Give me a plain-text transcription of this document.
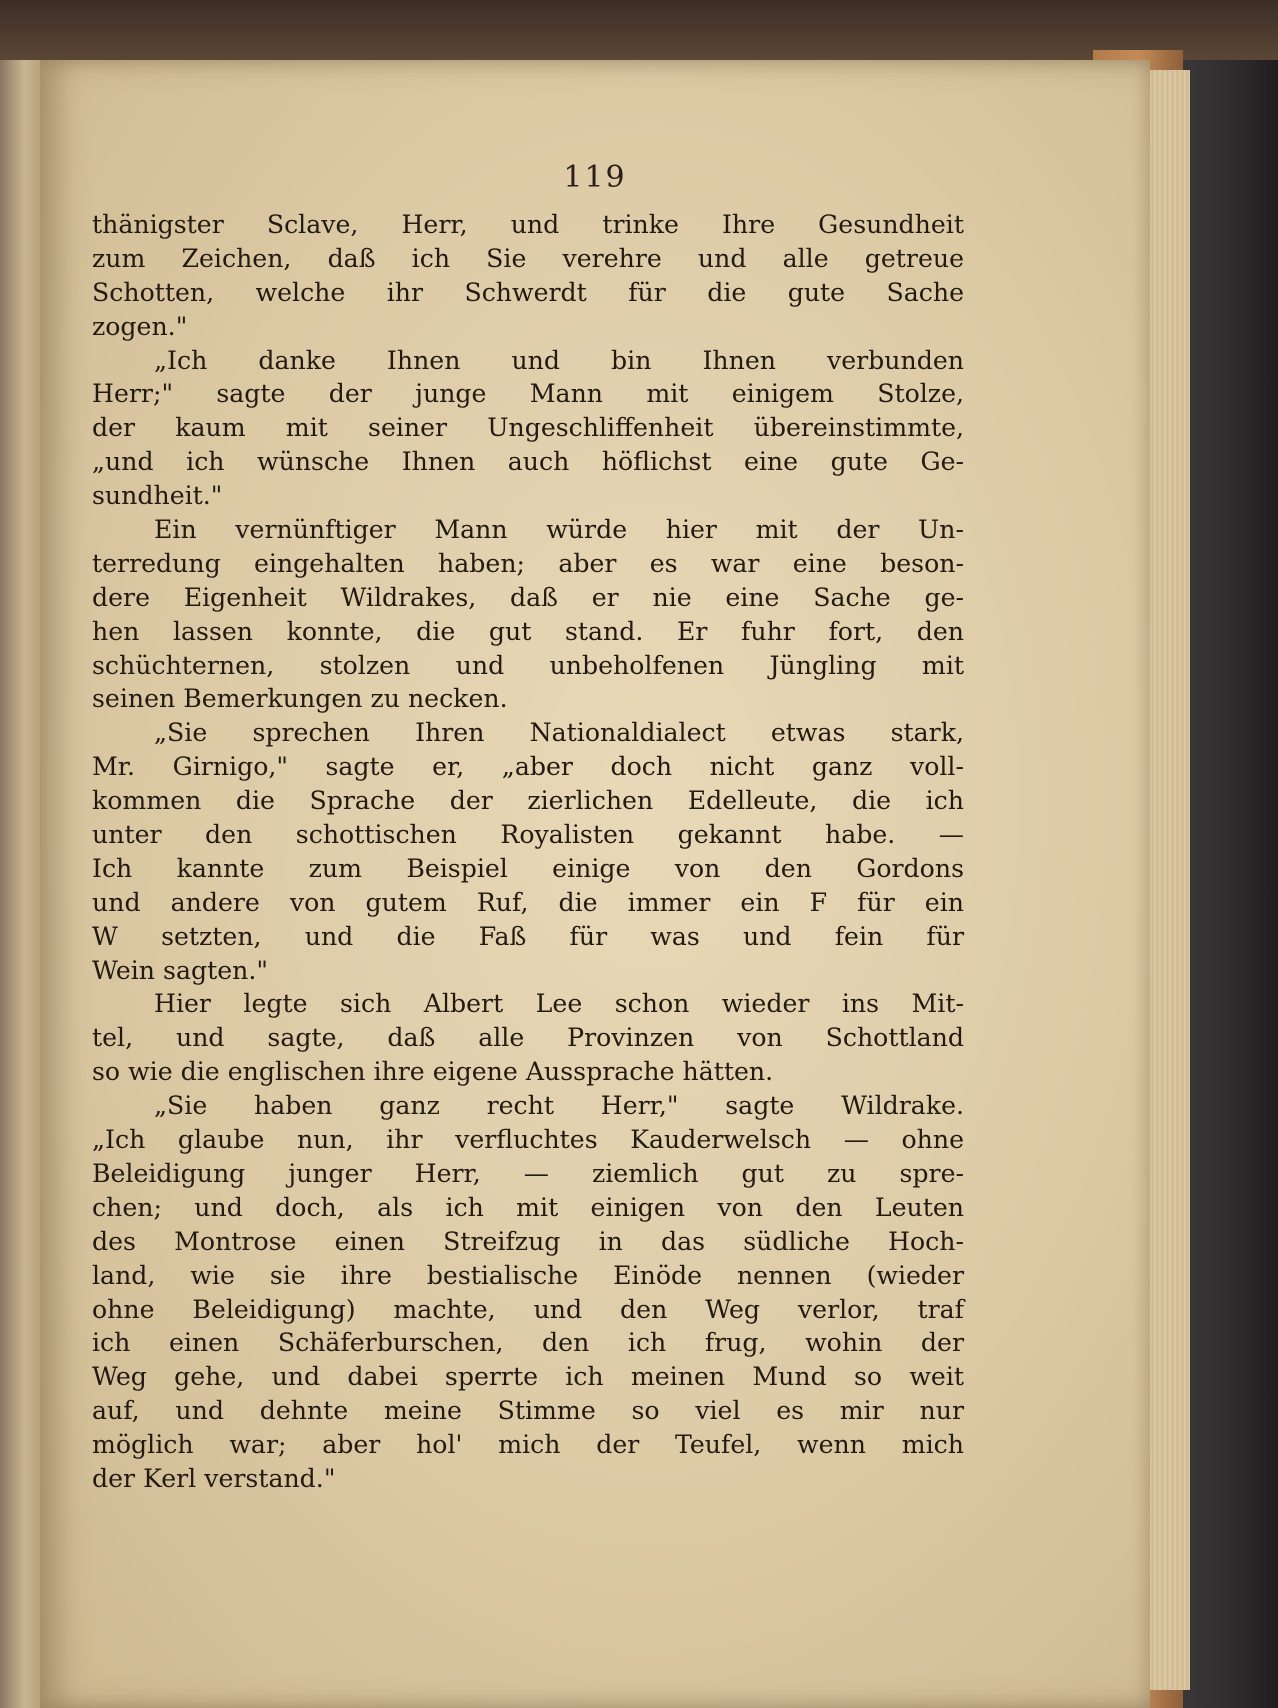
119
thänigster Sclave, Herr, und trinke Ihre Gesundheit
zum Zeichen, daß ich Sie verehre und alle getreue
Schotten, welche ihr Schwerdt für die gute Sache
zogen."
„Ich danke Ihnen und bin Ihnen verbunden
Herr;" sagte der junge Mann mit einigem Stolze,
der kaum mit seiner Ungeschliffenheit übereinstimmte,
„und ich wünsche Ihnen auch höflichst eine gute Ge-
sundheit."
Ein vernünftiger Mann würde hier mit der Un-
terredung eingehalten haben; aber es war eine beson-
dere Eigenheit Wildrakes, daß er nie eine Sache ge-
hen lassen konnte, die gut stand. Er fuhr fort, den
schüchternen, stolzen und unbeholfenen Jüngling mit
seinen Bemerkungen zu necken.
„Sie sprechen Ihren Nationaldialect etwas stark,
Mr. Girnigo," sagte er, „aber doch nicht ganz voll-
kommen die Sprache der zierlichen Edelleute, die ich
unter den schottischen Royalisten gekannt habe. —
Ich kannte zum Beispiel einige von den Gordons
und andere von gutem Ruf, die immer ein F für ein
W setzten, und die Faß für was und fein für
Wein sagten."
Hier legte sich Albert Lee schon wieder ins Mit-
tel, und sagte, daß alle Provinzen von Schottland
so wie die englischen ihre eigene Aussprache hätten.
„Sie haben ganz recht Herr," sagte Wildrake.
„Ich glaube nun, ihr verfluchtes Kauderwelsch — ohne
Beleidigung junger Herr, — ziemlich gut zu spre-
chen; und doch, als ich mit einigen von den Leuten
des Montrose einen Streifzug in das südliche Hoch-
land, wie sie ihre bestialische Einöde nennen (wieder
ohne Beleidigung) machte, und den Weg verlor, traf
ich einen Schäferburschen, den ich frug, wohin der
Weg gehe, und dabei sperrte ich meinen Mund so weit
auf, und dehnte meine Stimme so viel es mir nur
möglich war; aber hol' mich der Teufel, wenn mich
der Kerl verstand."
